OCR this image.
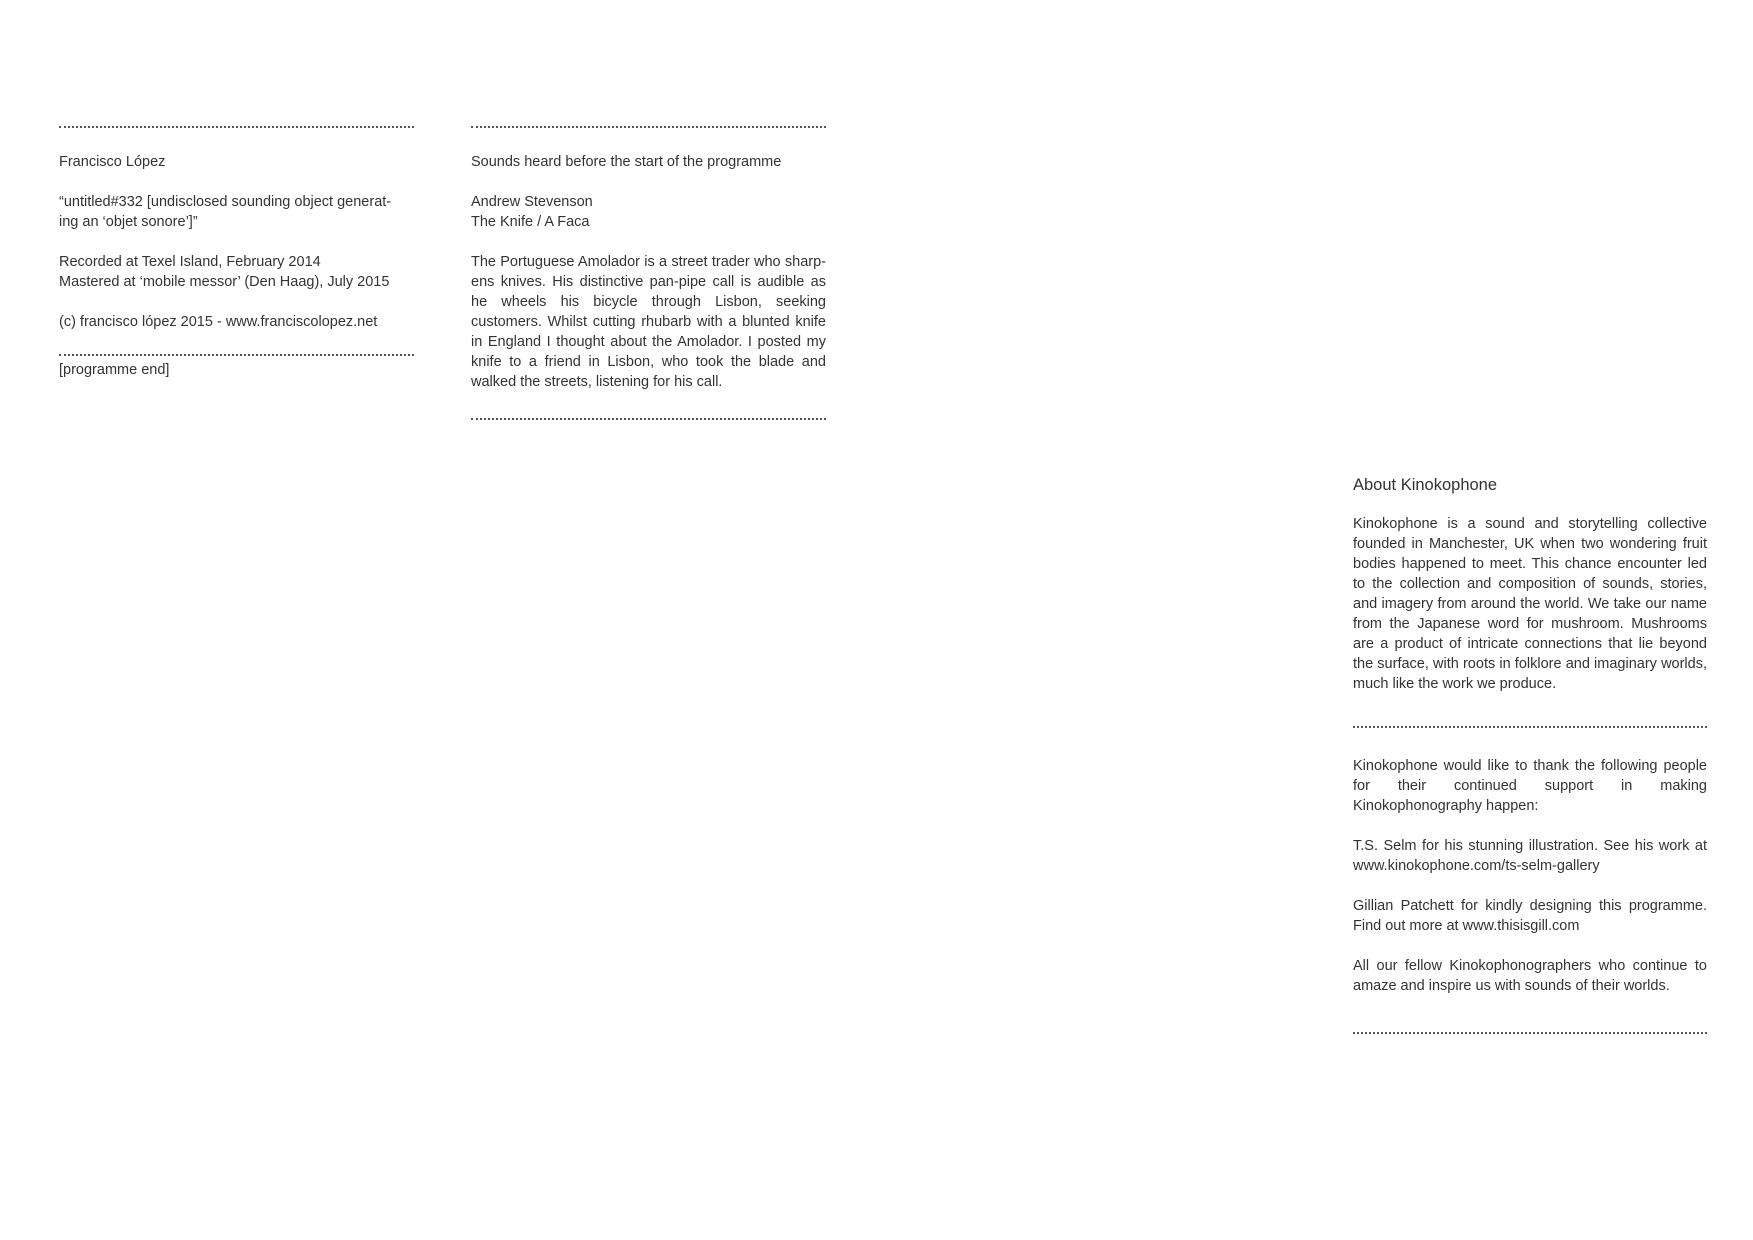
Francisco López

“untitled#332 [undisclosed sounding object generat-
ing an ‘objet sonore’]”

Recorded at Texel Island, February 2014

Mastered at ‘mobile messor’ (Den Haag), July 2015

(c) francisco lópez 2015 - www.franciscolopez.net

[programme end]

Sounds heard before the start of the programme

Andrew Stevenson

The Knife / A Faca

The Portuguese Amolador is a street trader who sharp-ens knives. His distinctive pan-pipe call is audible as he wheels his bicycle through Lisbon, seeking customers. Whilst cutting rhubarb with a blunted knife in England I thought about the Amolador. I posted my knife to a friend in Lisbon, who took the blade and walked the streets, listening for his call.

About Kinokophone

Kinokophone is a sound and storytelling collective founded in Manchester, UK when two wondering fruit bodies happened to meet. This chance encounter led to the collection and composition of sounds, stories, and imagery from around the world. We take our name from the Japanese word for mushroom. Mushrooms are a product of intricate connections that lie beyond the surface, with roots in folklore and imaginary worlds, much like the work we produce.

Kinokophone would like to thank the following people for their continued support in making Kinokophonography happen:

T.S. Selm for his stunning illustration. See his work at www.kinokophone.com/ts-selm-gallery

Gillian Patchett for kindly designing this programme. Find out more at www.thisisgill.com

All our fellow Kinokophonographers who continue to amaze and inspire us with sounds of their worlds.
